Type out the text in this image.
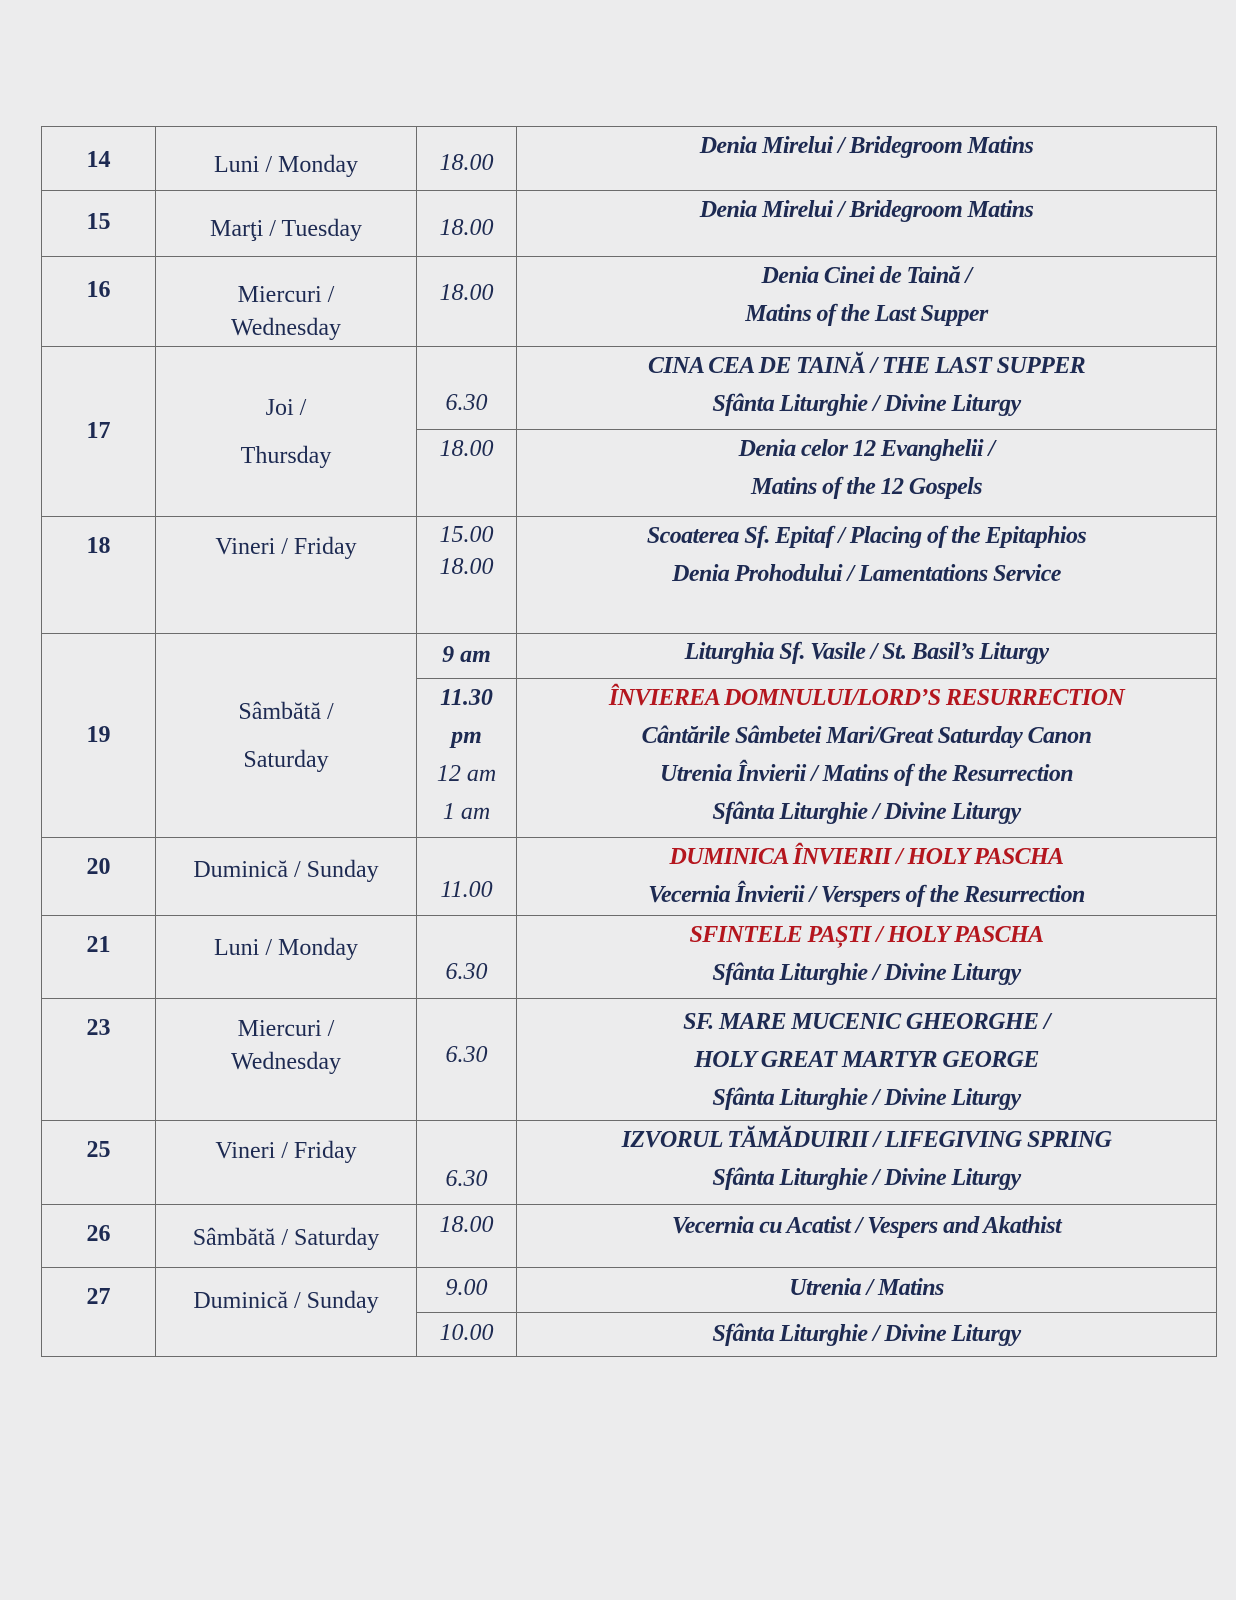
14	Luni / Monday	18.00	Denia Mirelui / Bridegroom Matins

15	Marţi / Tuesday	18.00	Denia Mirelui / Bridegroom Matins

16	Miercuri /
Wednesday	18.00	Denia Cinei de Taină /
Matins of the Last Supper

17	Joi /
Thursday	6.30	CINA CEA DE TAINĂ / THE LAST SUPPER
Sfânta Liturghie / Divine Liturgy

		18.00	Denia celor 12 Evanghelii /
Matins of the 12 Gospels

18	Vineri / Friday	15.00
18.00	Scoaterea Sf. Epitaf / Placing of the Epitaphios
Denia Prohodului / Lamentations Service

19	Sâmbătă /
Saturday	9 am	Liturghia Sf. Vasile / St. Basil’s Liturgy

		11.30
pm
12 am
1 am	ÎNVIEREA DOMNULUI/LORD’S RESURRECTION
Cântările Sâmbetei Mari/Great Saturday Canon
Utrenia Învierii / Matins of the Resurrection
Sfânta Liturghie / Divine Liturgy

20	Duminică / Sunday	11.00	DUMINICA ÎNVIERII / HOLY PASCHA
Vecernia Învierii / Verspers of the Resurrection

21	Luni / Monday	6.30	SFINTELE PAȘTI / HOLY PASCHA
Sfânta Liturghie / Divine Liturgy

23	Miercuri /
Wednesday	6.30	SF. MARE MUCENIC GHEORGHE /
HOLY GREAT MARTYR GEORGE
Sfânta Liturghie / Divine Liturgy

25	Vineri / Friday	6.30	IZVORUL TĂMĂDUIRII / LIFEGIVING SPRING
Sfânta Liturghie / Divine Liturgy

26	Sâmbătă / Saturday	18.00	Vecernia cu Acatist / Vespers and Akathist

27	Duminică / Sunday	9.00	Utrenia / Matins

		10.00	Sfânta Liturghie / Divine Liturgy
